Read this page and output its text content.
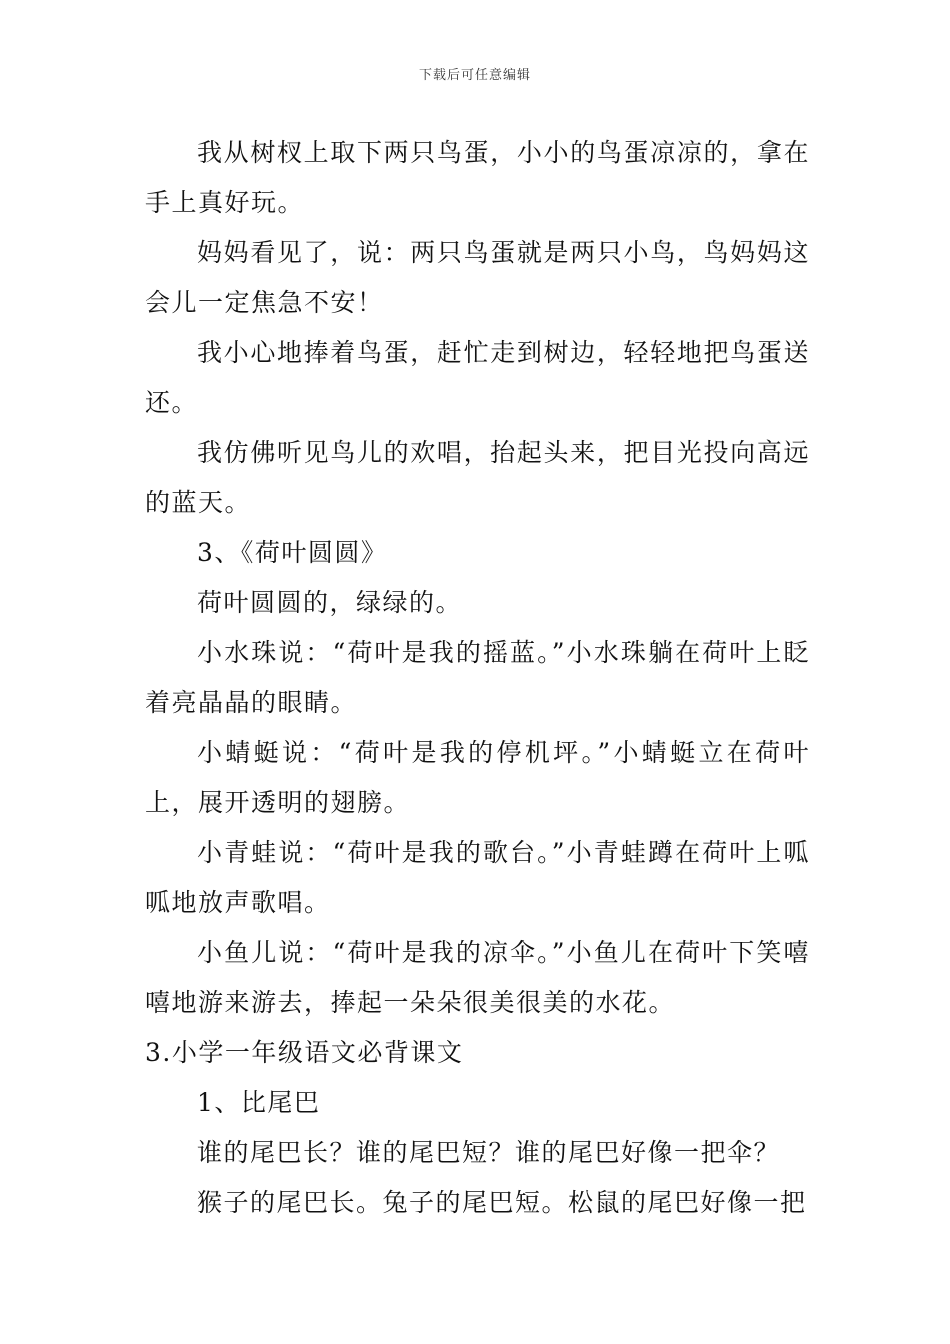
下载后可任意编辑

我从树杈上取下两只鸟蛋，小小的鸟蛋凉凉的，拿在手上真好玩。

妈妈看见了，说：两只鸟蛋就是两只小鸟，鸟妈妈这会儿一定焦急不安！

我小心地捧着鸟蛋，赶忙走到树边，轻轻地把鸟蛋送还。

我仿佛听见鸟儿的欢唱，抬起头来，把目光投向高远的蓝天。

3、《荷叶圆圆》

荷叶圆圆的，绿绿的。

小水珠说：“荷叶是我的摇蓝。”小水珠躺在荷叶上眨着亮晶晶的眼睛。

小蜻蜓说：“荷叶是我的停机坪。”小蜻蜓立在荷叶上，展开透明的翅膀。

小青蛙说：“荷叶是我的歌台。”小青蛙蹲在荷叶上呱呱地放声歌唱。

小鱼儿说：“荷叶是我的凉伞。”小鱼儿在荷叶下笑嘻嘻地游来游去，捧起一朵朵很美很美的水花。

3.小学一年级语文必背课文

1、比尾巴

谁的尾巴长？谁的尾巴短？谁的尾巴好像一把伞？

猴子的尾巴长。兔子的尾巴短。松鼠的尾巴好像一把
